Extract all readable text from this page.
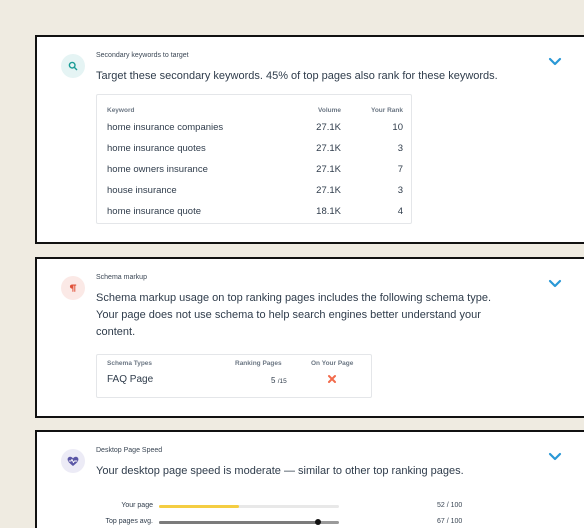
Secondary keywords to target
Target these secondary keywords. 45% of top pages also rank for these keywords.
Keyword	Volume	Your Rank
home insurance companies	27.1K	10
home insurance quotes	27.1K	3
home owners insurance	27.1K	7
house insurance	27.1K	3
home insurance quote	18.1K	4
Schema markup
Schema markup usage on top ranking pages includes the following schema type. Your page does not use schema to help search engines better understand your content.
Schema Types	Ranking Pages	On Your Page
FAQ Page	5 /15
Desktop Page Speed
Your desktop page speed is moderate — similar to other top ranking pages.
Your page	52 / 100
Top pages avg.	67 / 100
